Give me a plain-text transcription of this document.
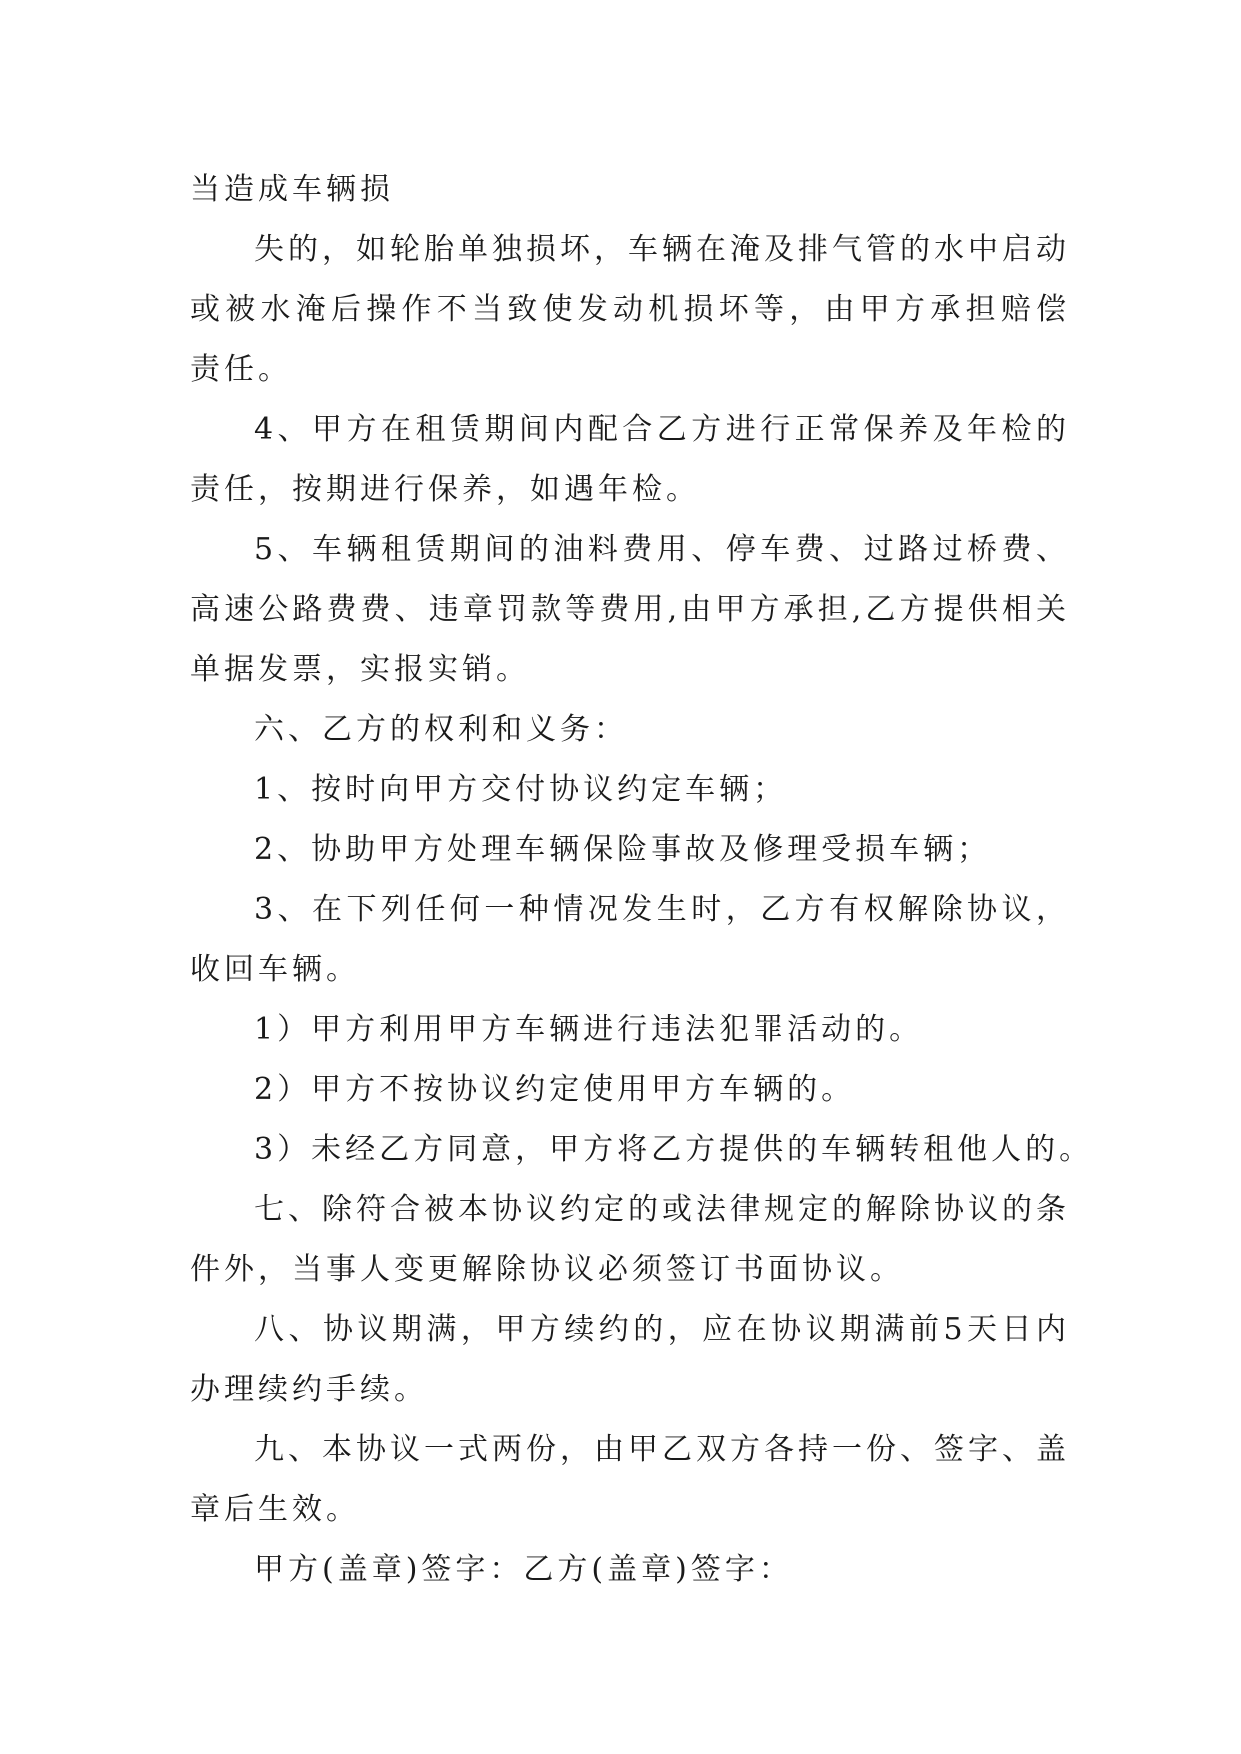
当造成车辆损

失的，如轮胎单独损坏，车辆在淹及排气管的水中启动或被水淹后操作不当致使发动机损坏等，由甲方承担赔偿责任。

4、甲方在租赁期间内配合乙方进行正常保养及年检的责任，按期进行保养，如遇年检。

5、车辆租赁期间的油料费用、停车费、过路过桥费、高速公路费费、违章罚款等费用,由甲方承担,乙方提供相关单据发票，实报实销。

六、乙方的权利和义务：

1、按时向甲方交付协议约定车辆；

2、协助甲方处理车辆保险事故及修理受损车辆；

3、在下列任何一种情况发生时，乙方有权解除协议，收回车辆。

1）甲方利用甲方车辆进行违法犯罪活动的。

2）甲方不按协议约定使用甲方车辆的。

3）未经乙方同意，甲方将乙方提供的车辆转租他人的。

七、除符合被本协议约定的或法律规定的解除协议的条件外，当事人变更解除协议必须签订书面协议。

八、协议期满，甲方续约的，应在协议期满前5天日内办理续约手续。

九、本协议一式两份，由甲乙双方各持一份、签字、盖章后生效。

甲方(盖章)签字：乙方(盖章)签字：
